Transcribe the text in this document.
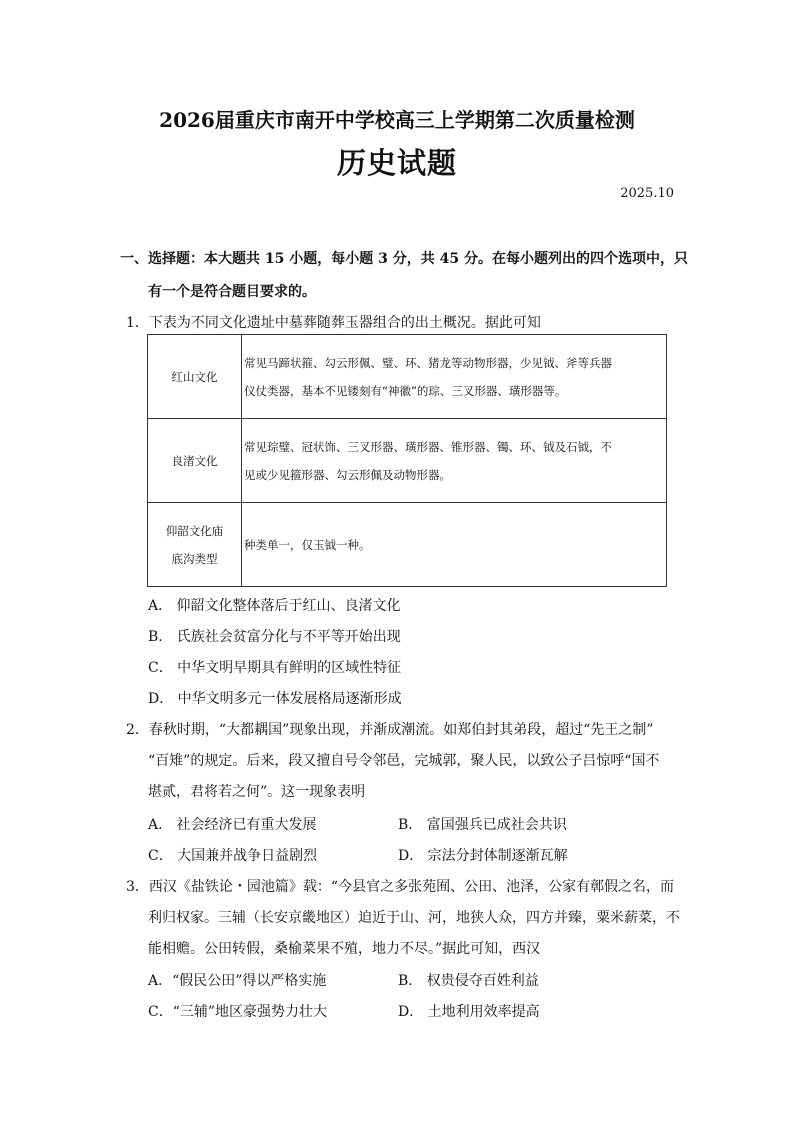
2026届重庆市南开中学校高三上学期第二次质量检测
历史试题
2025.10
一、选择题：本大题共 15 小题，每小题 3 分，共 45 分。在每小题列出的四个选项中，只
有一个是符合题目要求的。
1．下表为不同文化遗址中墓葬随葬玉器组合的出土概况。据此可知
红山文化	常见马蹄状箍、勾云形佩、璧、环、猪龙等动物形器，少见钺、斧等兵器
仪仗类器，基本不见镂刻有“神徽”的琮、三叉形器、璜形器等。

良渚文化	常见琮璧、冠状饰、三叉形器、璜形器、锥形器、镯、环、钺及石钺，不
见或少见箍形器、勾云形佩及动物形器。

仰韶文化庙
底沟类型	种类单一，仅玉钺一种。
A． 仰韶文化整体落后于红山、良渚文化
B． 氏族社会贫富分化与不平等开始出现
C． 中华文明早期具有鲜明的区域性特征
D． 中华文明多元一体发展格局逐渐形成
2．春秋时期，“大都耦国”现象出现，并渐成潮流。如郑伯封其弟段，超过“先王之制”
“百雉”的规定。后来，段又擅自号令邻邑，完城郭，聚人民，以致公子吕惊呼“国不
堪贰，君将若之何”。这一现象表明
A． 社会经济已有重大发展	B． 富国强兵已成社会共识
C． 大国兼并战争日益剧烈	D． 宗法分封体制逐渐瓦解
3．西汉《盐铁论・园池篇》载：“今县官之多张苑囿、公田、池泽，公家有鄣假之名，而
利归权家。三辅（长安京畿地区）迫近于山、河，地狭人众，四方并臻，粟米薪菜，不
能相赡。公田转假，桑榆菜果不殖，地力不尽。”据此可知，西汉
A．“假民公田”得以严格实施	B． 权贵侵夺百姓利益
C．“三辅”地区豪强势力壮大	D． 土地利用效率提高
